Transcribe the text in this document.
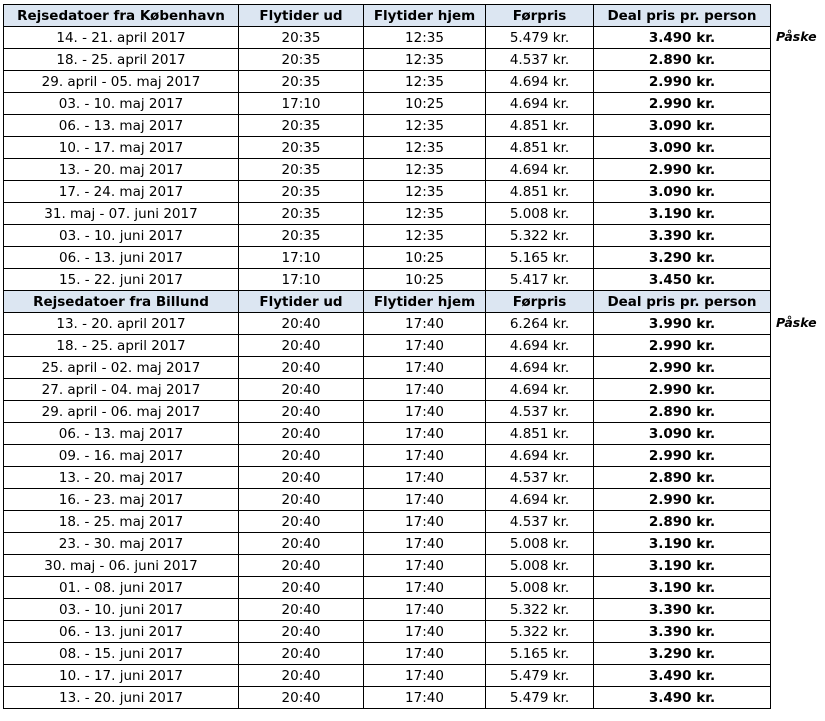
Rejsedatoer fra København	Flytider ud	Flytider hjem	Førpris	Deal pris pr. person
14. - 21. april 2017	20:35	12:35	5.479 kr.	3.490 kr.
18. - 25. april 2017	20:35	12:35	4.537 kr.	2.890 kr.
29. april - 05. maj 2017	20:35	12:35	4.694 kr.	2.990 kr.
03. - 10. maj 2017	17:10	10:25	4.694 kr.	2.990 kr.
06. - 13. maj 2017	20:35	12:35	4.851 kr.	3.090 kr.
10. - 17. maj 2017	20:35	12:35	4.851 kr.	3.090 kr.
13. - 20. maj 2017	20:35	12:35	4.694 kr.	2.990 kr.
17. - 24. maj 2017	20:35	12:35	4.851 kr.	3.090 kr.
31. maj - 07. juni 2017	20:35	12:35	5.008 kr.	3.190 kr.
03. - 10. juni 2017	20:35	12:35	5.322 kr.	3.390 kr.
06. - 13. juni 2017	17:10	10:25	5.165 kr.	3.290 kr.
15. - 22. juni 2017	17:10	10:25	5.417 kr.	3.450 kr.
Rejsedatoer fra Billund	Flytider ud	Flytider hjem	Førpris	Deal pris pr. person
13. - 20. april 2017	20:40	17:40	6.264 kr.	3.990 kr.
18. - 25. april 2017	20:40	17:40	4.694 kr.	2.990 kr.
25. april - 02. maj 2017	20:40	17:40	4.694 kr.	2.990 kr.
27. april - 04. maj 2017	20:40	17:40	4.694 kr.	2.990 kr.
29. april - 06. maj 2017	20:40	17:40	4.537 kr.	2.890 kr.
06. - 13. maj 2017	20:40	17:40	4.851 kr.	3.090 kr.
09. - 16. maj 2017	20:40	17:40	4.694 kr.	2.990 kr.
13. - 20. maj 2017	20:40	17:40	4.537 kr.	2.890 kr.
16. - 23. maj 2017	20:40	17:40	4.694 kr.	2.990 kr.
18. - 25. maj 2017	20:40	17:40	4.537 kr.	2.890 kr.
23. - 30. maj 2017	20:40	17:40	5.008 kr.	3.190 kr.
30. maj - 06. juni 2017	20:40	17:40	5.008 kr.	3.190 kr.
01. - 08. juni 2017	20:40	17:40	5.008 kr.	3.190 kr.
03. - 10. juni 2017	20:40	17:40	5.322 kr.	3.390 kr.
06. - 13. juni 2017	20:40	17:40	5.322 kr.	3.390 kr.
08. - 15. juni 2017	20:40	17:40	5.165 kr.	3.290 kr.
10. - 17. juni 2017	20:40	17:40	5.479 kr.	3.490 kr.
13. - 20. juni 2017	20:40	17:40	5.479 kr.	3.490 kr.
Påske
Påske
